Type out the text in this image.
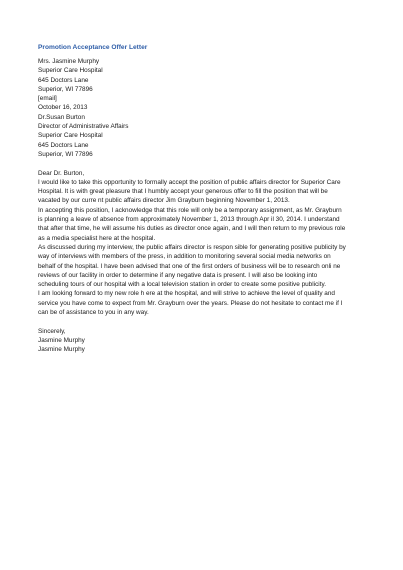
Promotion Acceptance Offer Letter
Mrs. Jasmine Murphy
Superior Care Hospital
645 Doctors Lane
Superior, WI 77896
[email]
October 16, 2013
Dr.Susan Burton
Director of Administrative Affairs
Superior Care Hospital
645 Doctors Lane
Superior, WI 77896
Dear Dr. Burton,
I would like to take this opportunity to formally accept the position of public affairs director for Superior Care
Hospital. It is with great pleasure that I humbly accept your generous offer to fill the position that will be
vacated by our curre nt public affairs director Jim Grayburn beginning November 1, 2013.
In accepting this position, I acknowledge that this role will only be a temporary assignment, as Mr. Grayburn
is planning a leave of absence from approximately November 1, 2013 through Apr il 30, 2014. I understand
that after that time, he will assume his duties as director once again, and I will then return to my previous role
as a media specialist here at the hospital.
As discussed during my interview, the public affairs director is respon sible for generating positive publicity by
way of interviews with members of the press, in addition to monitoring several social media networks on
behalf of the hospital. I have been advised that one of the first orders of business will be to research onli ne
reviews of our facility in order to determine if any negative data is present. I will also be looking into
scheduling tours of our hospital with a local television station in order to create some positive publicity.
I am looking forward to my new role h ere at the hospital, and will strive to achieve the level of quality and
service you have come to expect from Mr. Grayburn over the years. Please do not hesitate to contact me if I
can be of assistance to you in any way.
Sincerely,
Jasmine Murphy
Jasmine Murphy
